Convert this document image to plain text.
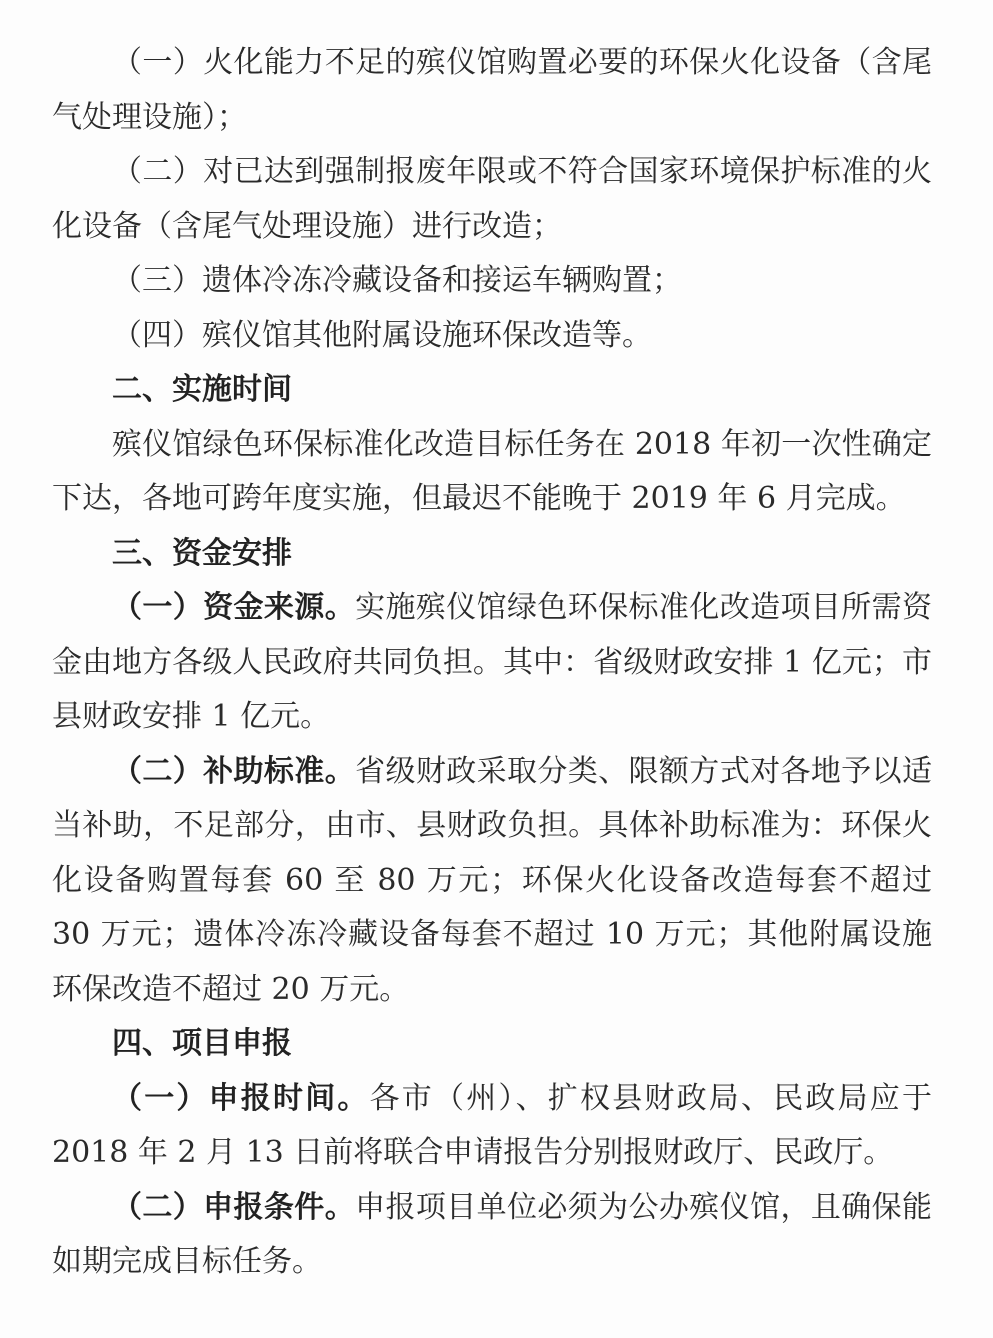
（一）火化能力不足的殡仪馆购置必要的环保火化设备（含尾气处理设施）；

（二）对已达到强制报废年限或不符合国家环境保护标准的火化设备（含尾气处理设施）进行改造；

（三）遗体冷冻冷藏设备和接运车辆购置；

（四）殡仪馆其他附属设施环保改造等。

二、实施时间

殡仪馆绿色环保标准化改造目标任务在 2018 年初一次性确定下达，各地可跨年度实施，但最迟不能晚于 2019 年 6 月完成。

三、资金安排

（一）资金来源。实施殡仪馆绿色环保标准化改造项目所需资金由地方各级人民政府共同负担。其中：省级财政安排 1 亿元；市县财政安排 1 亿元。

（二）补助标准。省级财政采取分类、限额方式对各地予以适当补助，不足部分，由市、县财政负担。具体补助标准为：环保火化设备购置每套 60 至 80 万元；环保火化设备改造每套不超过 30 万元；遗体冷冻冷藏设备每套不超过 10 万元；其他附属设施环保改造不超过 20 万元。

四、项目申报

（一）申报时间。各市（州）、扩权县财政局、民政局应于 2018 年 2 月 13 日前将联合申请报告分别报财政厅、民政厅。

（二）申报条件。申报项目单位必须为公办殡仪馆，且确保能如期完成目标任务。
